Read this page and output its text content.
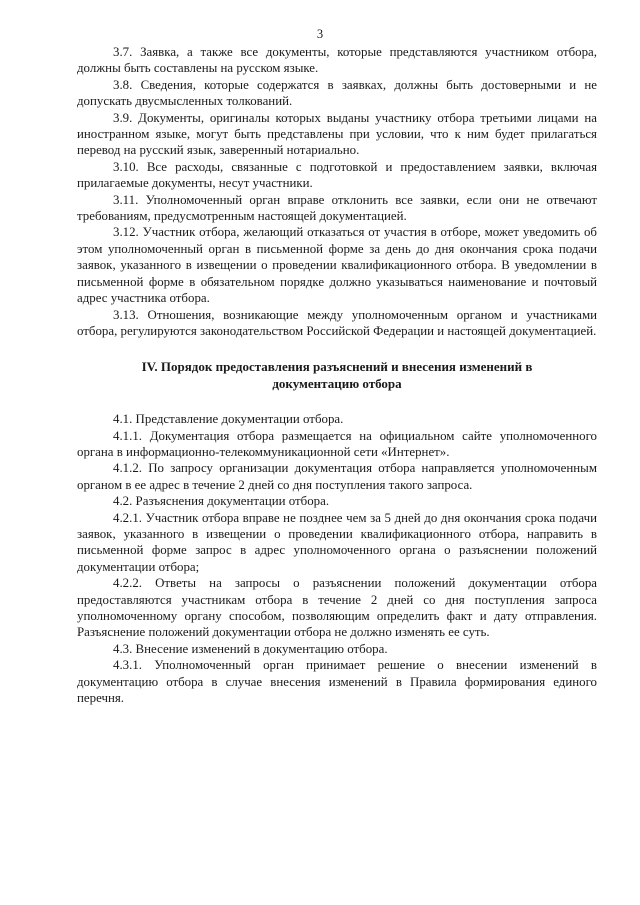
3

3.7. Заявка, а также все документы, которые представляются участником отбора, должны быть составлены на русском языке.

3.8. Сведения, которые содержатся в заявках, должны быть достоверными и не допускать двусмысленных толкований.

3.9. Документы, оригиналы которых выданы участнику отбора третьими лицами на иностранном языке, могут быть представлены при условии, что к ним будет прилагаться перевод на русский язык, заверенный нотариально.

3.10. Все расходы, связанные с подготовкой и предоставлением заявки, включая прилагаемые документы, несут участники.

3.11. Уполномоченный орган вправе отклонить все заявки, если они не отвечают требованиям, предусмотренным настоящей документацией.

3.12. Участник отбора, желающий отказаться от участия в отборе, может уведомить об этом уполномоченный орган в письменной форме за день до дня окончания срока подачи заявок, указанного в извещении о проведении квалификационного отбора. В уведомлении в письменной форме в обязательном порядке должно указываться наименование и почтовый адрес участника отбора.

3.13. Отношения, возникающие между уполномоченным органом и участниками отбора, регулируются законодательством Российской Федерации и настоящей документацией.

IV. Порядок предоставления разъяснений и внесения изменений в документацию отбора

4.1. Представление документации отбора.

4.1.1. Документация отбора размещается на официальном сайте уполномоченного органа в информационно-телекоммуникационной сети «Интернет».

4.1.2. По запросу организации документация отбора направляется уполномоченным органом в ее адрес в течение 2 дней со дня поступления такого запроса.

4.2. Разъяснения документации отбора.

4.2.1. Участник отбора вправе не позднее чем за 5 дней до дня окончания срока подачи заявок, указанного в извещении о проведении квалификационного отбора, направить в письменной форме запрос в адрес уполномоченного органа о разъяснении положений документации отбора;

4.2.2. Ответы на запросы о разъяснении положений документации отбора предоставляются участникам отбора в течение 2 дней со дня поступления запроса уполномоченному органу способом, позволяющим определить факт и дату отправления. Разъяснение положений документации отбора не должно изменять ее суть.

4.3. Внесение изменений в документацию отбора.

4.3.1. Уполномоченный орган принимает решение о внесении изменений в документацию отбора в случае внесения изменений в Правила формирования единого перечня.
